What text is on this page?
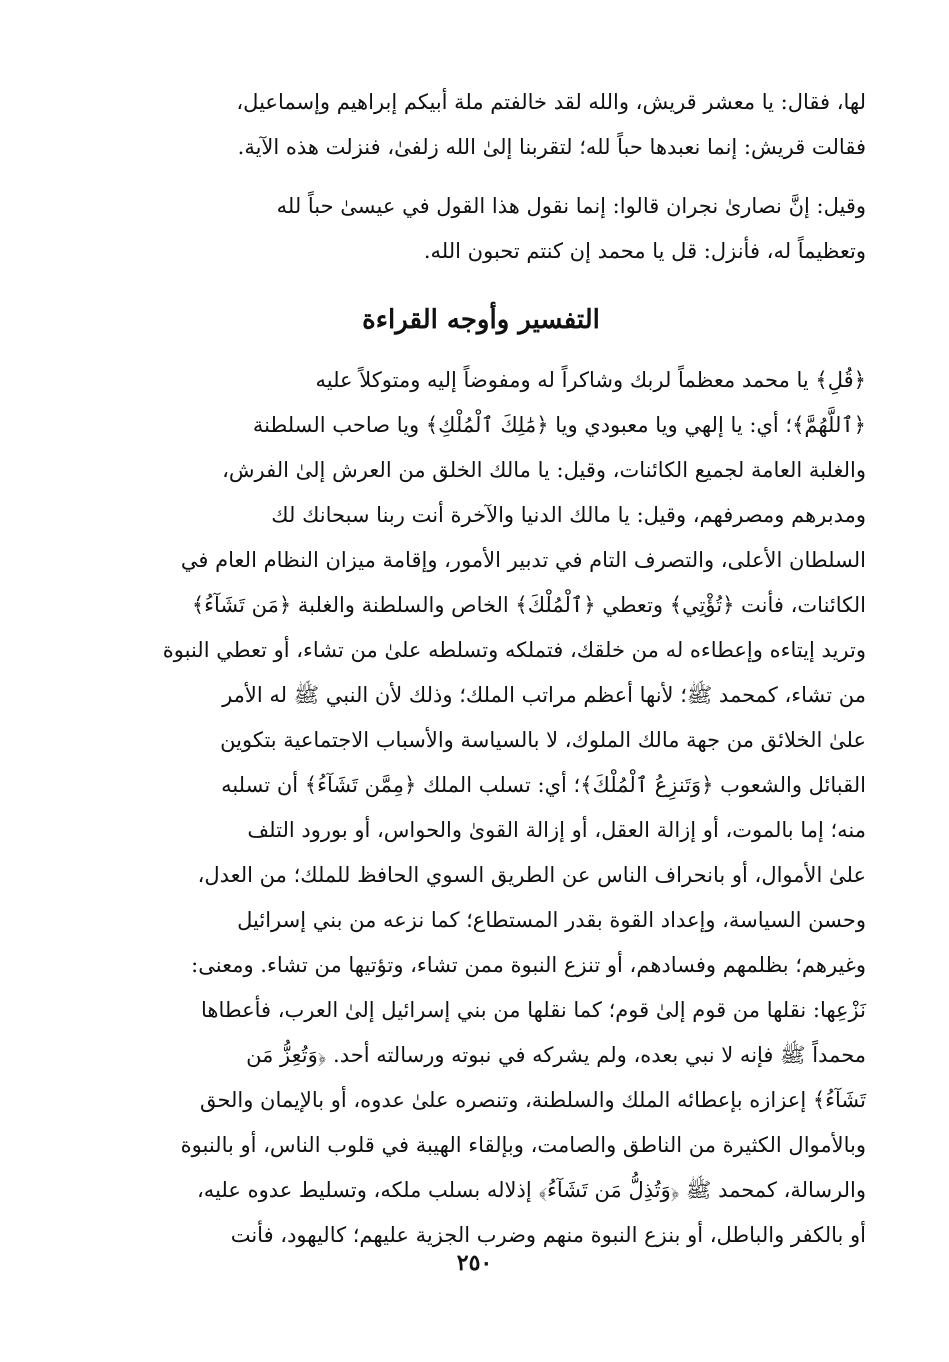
لها، فقال: يا معشر قريش، والله لقد خالفتم ملة أبيكم إبراهيم وإسماعيل،

فقالت قريش: إنما نعبدها حباً لله؛ لتقربنا إلىٰ الله زلفىٰ، فنزلت هذه الآية.

وقيل: إنَّ نصارىٰ نجران قالوا: إنما نقول هذا القول في عيسىٰ حباً لله

وتعظيماً له، فأنزل: قل يا محمد إن كنتم تحبون الله.

التفسير وأوجه القراءة

﴿قُلِ﴾ يا محمد معظماً لربك وشاكراً له ومفوضاً إليه ومتوكلاً عليه

﴿ٱللَّهُمَّ﴾؛ أي: يا إلهي ويا معبودي ويا ﴿مَٰلِكَ ٱلْمُلْكِ﴾ ويا صاحب السلطنة

والغلبة العامة لجميع الكائنات، وقيل: يا مالك الخلق من العرش إلىٰ الفرش،

ومدبرهم ومصرفهم، وقيل: يا مالك الدنيا والآخرة أنت ربنا سبحانك لك

السلطان الأعلى، والتصرف التام في تدبير الأمور، وإقامة ميزان النظام العام في

الكائنات، فأنت ﴿تُؤْتِي﴾ وتعطي ﴿ٱلْمُلْكَ﴾ الخاص والسلطنة والغلبة ﴿مَن تَشَآءُ﴾

وتريد إيتاءه وإعطاءه له من خلقك، فتملكه وتسلطه علىٰ من تشاء، أو تعطي النبوة

من تشاء، كمحمد ﷺ؛ لأنها أعظم مراتب الملك؛ وذلك لأن النبي ﷺ له الأمر

علىٰ الخلائق من جهة مالك الملوك، لا بالسياسة والأسباب الاجتماعية بتكوين

القبائل والشعوب ﴿وَتَنزِعُ ٱلْمُلْكَ﴾؛ أي: تسلب الملك ﴿مِمَّن تَشَآءُ﴾ أن تسلبه

منه؛ إما بالموت، أو إزالة العقل، أو إزالة القوىٰ والحواس، أو بورود التلف

علىٰ الأموال، أو بانحراف الناس عن الطريق السوي الحافظ للملك؛ من العدل،

وحسن السياسة، وإعداد القوة بقدر المستطاع؛ كما نزعه من بني إسرائيل

وغيرهم؛ بظلمهم وفسادهم، أو تنزع النبوة ممن تشاء، وتؤتيها من تشاء. ومعنى:

نَزْعِها: نقلها من قوم إلىٰ قوم؛ كما نقلها من بني إسرائيل إلىٰ العرب، فأعطاها

محمداً ﷺ فإنه لا نبي بعده، ولم يشركه في نبوته ورسالته أحد. ﴿وَتُعِزُّ مَن

تَشَآءُ﴾ إعزازه بإعطائه الملك والسلطنة، وتنصره علىٰ عدوه، أو بالإيمان والحق

وبالأموال الكثيرة من الناطق والصامت، وبإلقاء الهيبة في قلوب الناس، أو بالنبوة

والرسالة، كمحمد ﷺ ﴿وَتُذِلُّ مَن تَشَآءُ﴾ إذلاله بسلب ملكه، وتسليط عدوه عليه،

أو بالكفر والباطل، أو بنزع النبوة منهم وضرب الجزية عليهم؛ كاليهود، فأنت

٢٥٠
